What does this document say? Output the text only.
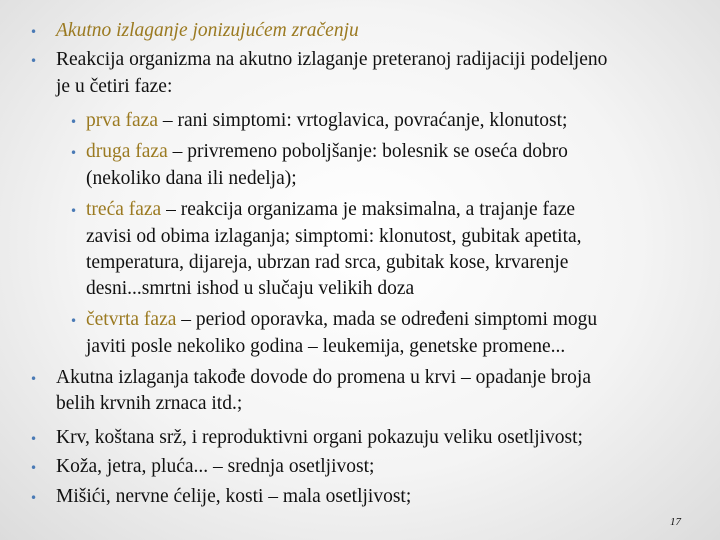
• Akutno izlaganje jonizujućem zračenju
• Reakcija organizma na akutno izlaganje preteranoj radijaciji podeljeno
je u četiri faze:
• prva faza – rani simptomi: vrtoglavica, povraćanje, klonutost;
• druga faza – privremeno poboljšanje: bolesnik se oseća dobro
(nekoliko dana ili nedelja);
• treća faza – reakcija organizama je maksimalna, a trajanje faze
zavisi od obima izlaganja; simptomi: klonutost, gubitak apetita,
temperatura, dijareja, ubrzan rad srca, gubitak kose, krvarenje
desni...smrtni ishod u slučaju velikih doza
• četvrta faza – period oporavka, mada se određeni simptomi mogu
javiti posle nekoliko godina – leukemija, genetske promene...
• Akutna izlaganja takođe dovode do promena u krvi – opadanje broja
belih krvnih zrnaca itd.;
• Krv, koštana srž, i reproduktivni organi pokazuju veliku osetljivost;
• Koža, jetra, pluća... – srednja osetljivost;
• Mišići, nervne ćelije, kosti – mala osetljivost;
17
